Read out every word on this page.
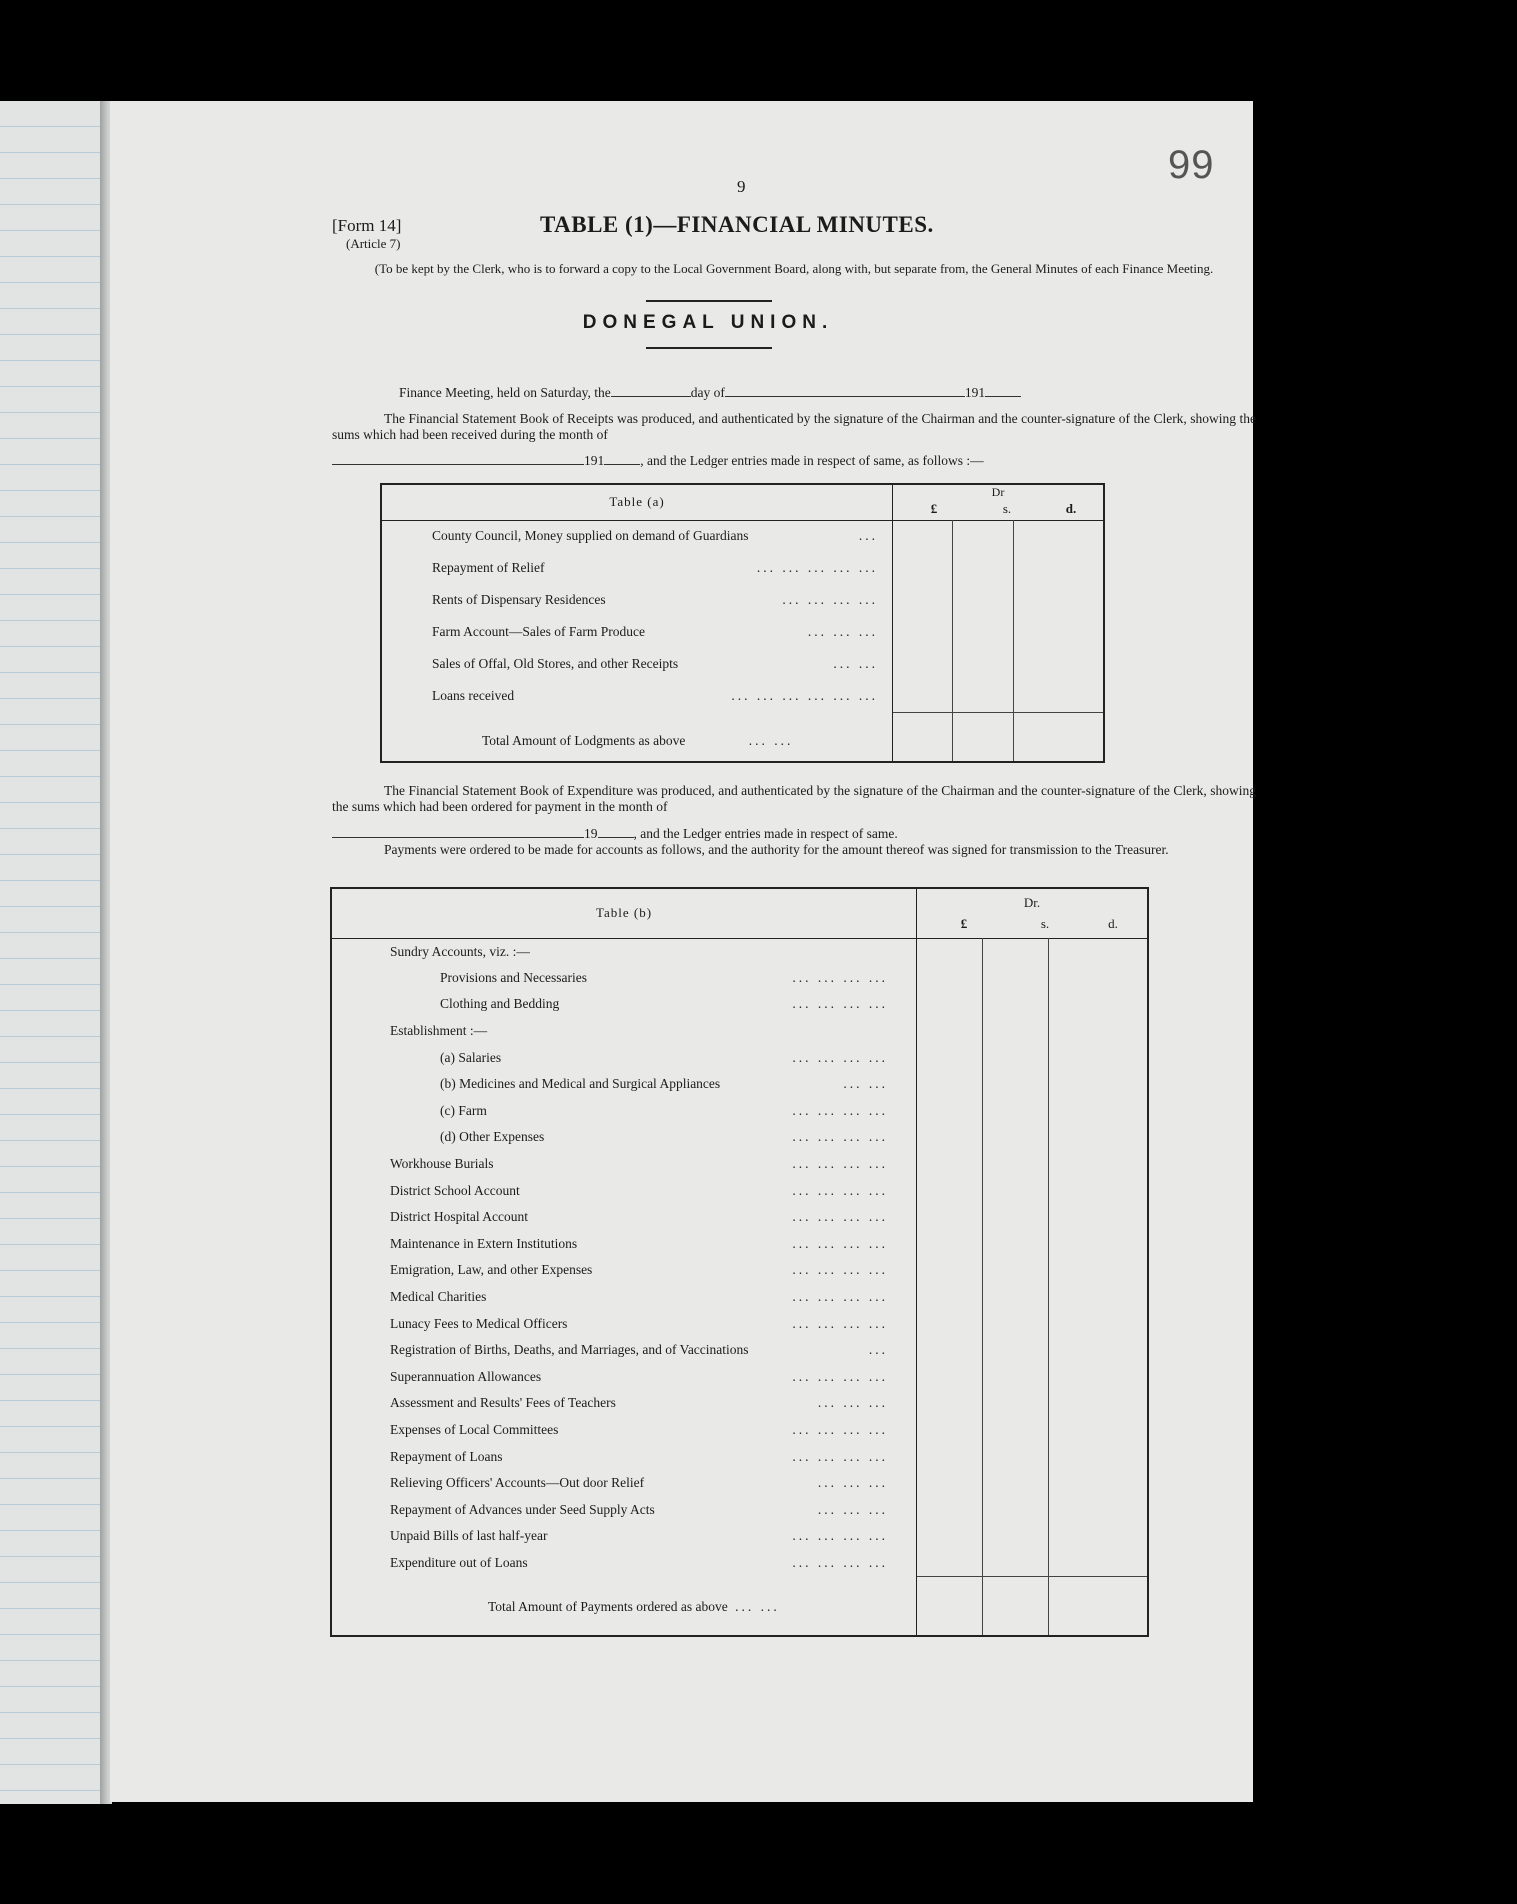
99
9
[Form 14]
(Article 7)
TABLE (1)—FINANCIAL MINUTES.
(To be kept by the Clerk, who is to forward a copy to the Local Government Board, along with, but separate from, the General Minutes of each Finance Meeting.
DONEGAL UNION.
Finance Meeting, held on Saturday, the	day of	191
The Financial Statement Book of Receipts was produced, and authenticated by the signature of the Chairman and the counter-signature of the Clerk, showing the sums which had been received during the month of
191	, and the Ledger entries made in respect of same, as follows :—
Table (a)	Dr
£ s. d.		

County Council, Money supplied on demand of Guardians ...			

Repayment of Relief ... ... ... ... ...			

Rents of Dispensary Residences ... ... ... ...			

Farm Account—Sales of Farm Produce ... ... ...			

Sales of Offal, Old Stores, and other Receipts ... ...			

Loans received ... ... ... ... ... ...			

Total Amount of Lodgments as above ... ...			
The Financial Statement Book of Expenditure was produced, and authenticated by the signature of the Chairman and the counter-signature of the Clerk, showing the sums which had been ordered for payment in the month of
19	, and the Ledger entries made in respect of same.
Payments were ordered to be made for accounts as follows, and the authority for the amount thereof was signed for transmission to the Treasurer.
Table (b)	Dr.
£ s. d.		

Sundry Accounts, viz. :—			
Provisions and Necessaries ... ... ... ...			

Clothing and Bedding ... ... ... ...			

Establishment :—			
(a) Salaries ... ... ... ...			

(b) Medicines and Medical and Surgical Appliances ... ...			

(c) Farm ... ... ... ...			

(d) Other Expenses ... ... ... ...			

Workhouse Burials ... ... ... ...			

District School Account ... ... ... ...			

District Hospital Account ... ... ... ...			

Maintenance in Extern Institutions ... ... ... ...			

Emigration, Law, and other Expenses ... ... ... ...			

Medical Charities ... ... ... ...			

Lunacy Fees to Medical Officers ... ... ... ...			

Registration of Births, Deaths, and Marriages, and of Vaccinations ...			

Superannuation Allowances ... ... ... ...			

Assessment and Results' Fees of Teachers ... ... ...			

Expenses of Local Committees ... ... ... ...			

Repayment of Loans ... ... ... ...			

Relieving Officers' Accounts—Out door Relief ... ... ...			

Repayment of Advances under Seed Supply Acts ... ... ...			

Unpaid Bills of last half-year ... ... ... ...			

Expenditure out of Loans ... ... ... ...			

Total Amount of Payments ordered as above ... ...			
